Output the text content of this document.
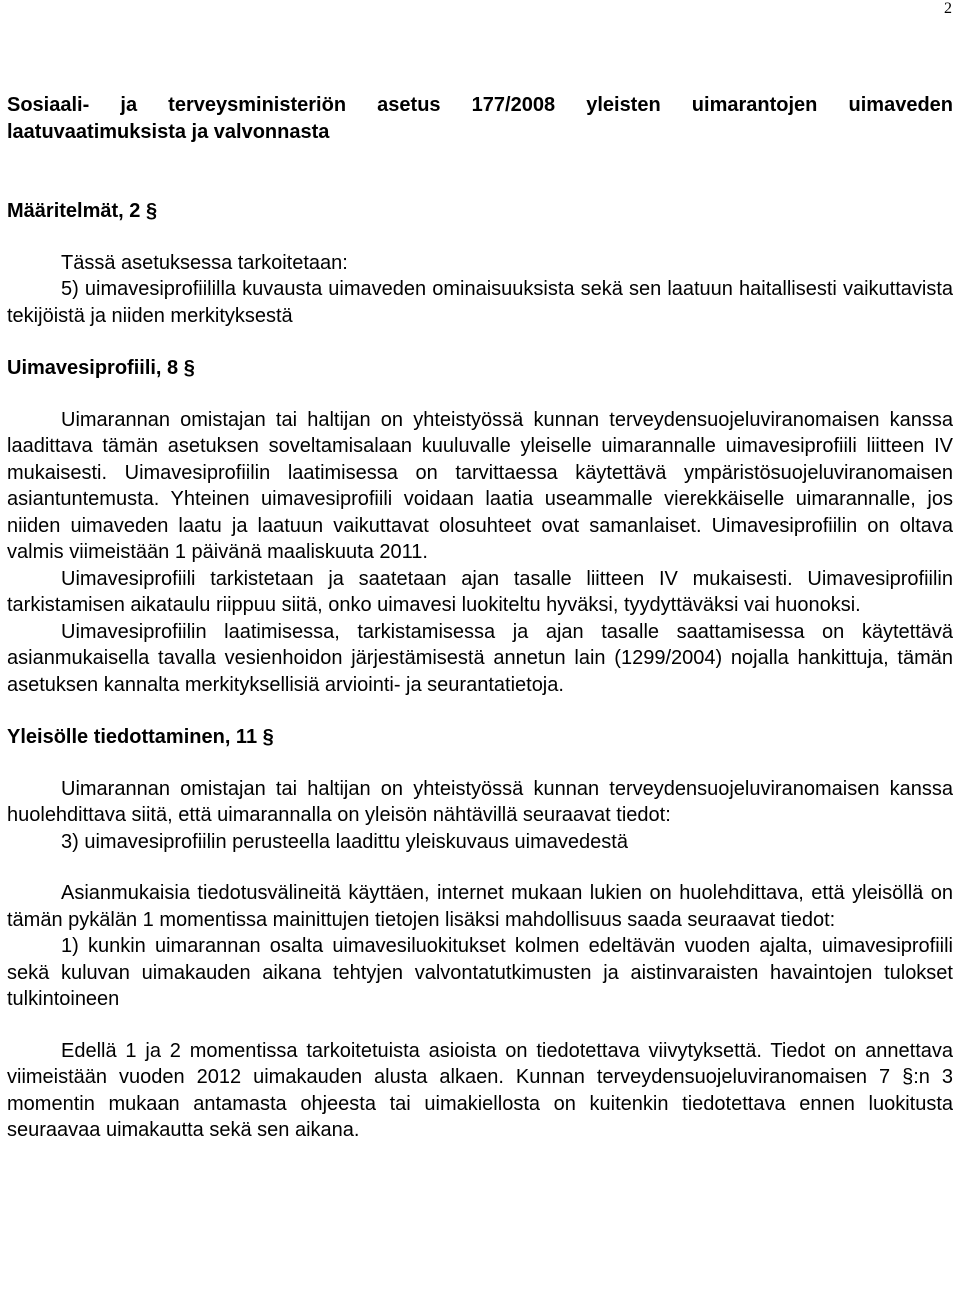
2

Sosiaali- ja terveysministeriön asetus 177/2008 yleisten uimarantojen uimaveden laatuvaatimuksista ja valvonnasta

Määritelmät, 2 §

Tässä asetuksessa tarkoitetaan:

5) uimavesiprofiililla kuvausta uimaveden ominaisuuksista sekä sen laatuun haitallisesti vaikuttavista tekijöistä ja niiden merkityksestä

Uimavesiprofiili, 8 §

Uimarannan omistajan tai haltijan on yhteistyössä kunnan terveydensuojeluviranomaisen kanssa laadittava tämän asetuksen soveltamisalaan kuuluvalle yleiselle uimarannalle uimavesiprofiili liitteen IV mukaisesti. Uimavesiprofiilin laatimisessa on tarvittaessa käytettävä ympäristösuojeluviranomaisen asiantuntemusta. Yhteinen uimavesiprofiili voidaan laatia useammalle vierekkäiselle uimarannalle, jos niiden uimaveden laatu ja laatuun vaikuttavat olosuhteet ovat samanlaiset. Uimavesiprofiilin on oltava valmis viimeistään 1 päivänä maaliskuuta 2011.

Uimavesiprofiili tarkistetaan ja saatetaan ajan tasalle liitteen IV mukaisesti. Uimavesiprofiilin tarkistamisen aikataulu riippuu siitä, onko uimavesi luokiteltu hyväksi, tyydyttäväksi vai huonoksi.

Uimavesiprofiilin laatimisessa, tarkistamisessa ja ajan tasalle saattamisessa on käytettävä asianmukaisella tavalla vesienhoidon järjestämisestä annetun lain (1299/2004) nojalla hankittuja, tämän asetuksen kannalta merkityksellisiä arviointi- ja seurantatietoja.

Yleisölle tiedottaminen, 11 §

Uimarannan omistajan tai haltijan on yhteistyössä kunnan terveydensuojeluviranomaisen kanssa huolehdittava siitä, että uimarannalla on yleisön nähtävillä seuraavat tiedot:

3) uimavesiprofiilin perusteella laadittu yleiskuvaus uimavedestä

Asianmukaisia tiedotusvälineitä käyttäen, internet mukaan lukien on huolehdittava, että yleisöllä on tämän pykälän 1 momentissa mainittujen tietojen lisäksi mahdollisuus saada seuraavat tiedot:

1) kunkin uimarannan osalta uimavesiluokitukset kolmen edeltävän vuoden ajalta, uimavesiprofiili sekä kuluvan uimakauden aikana tehtyjen valvontatutkimusten ja aistinvaraisten havaintojen tulokset tulkintoineen

Edellä 1 ja 2 momentissa tarkoitetuista asioista on tiedotettava viivytyksettä. Tiedot on annettava viimeistään vuoden 2012 uimakauden alusta alkaen. Kunnan terveydensuojeluviranomaisen 7 §:n 3 momentin mukaan antamasta ohjeesta tai uimakiellosta on kuitenkin tiedotettava ennen luokitusta seuraavaa uimakautta sekä sen aikana.
